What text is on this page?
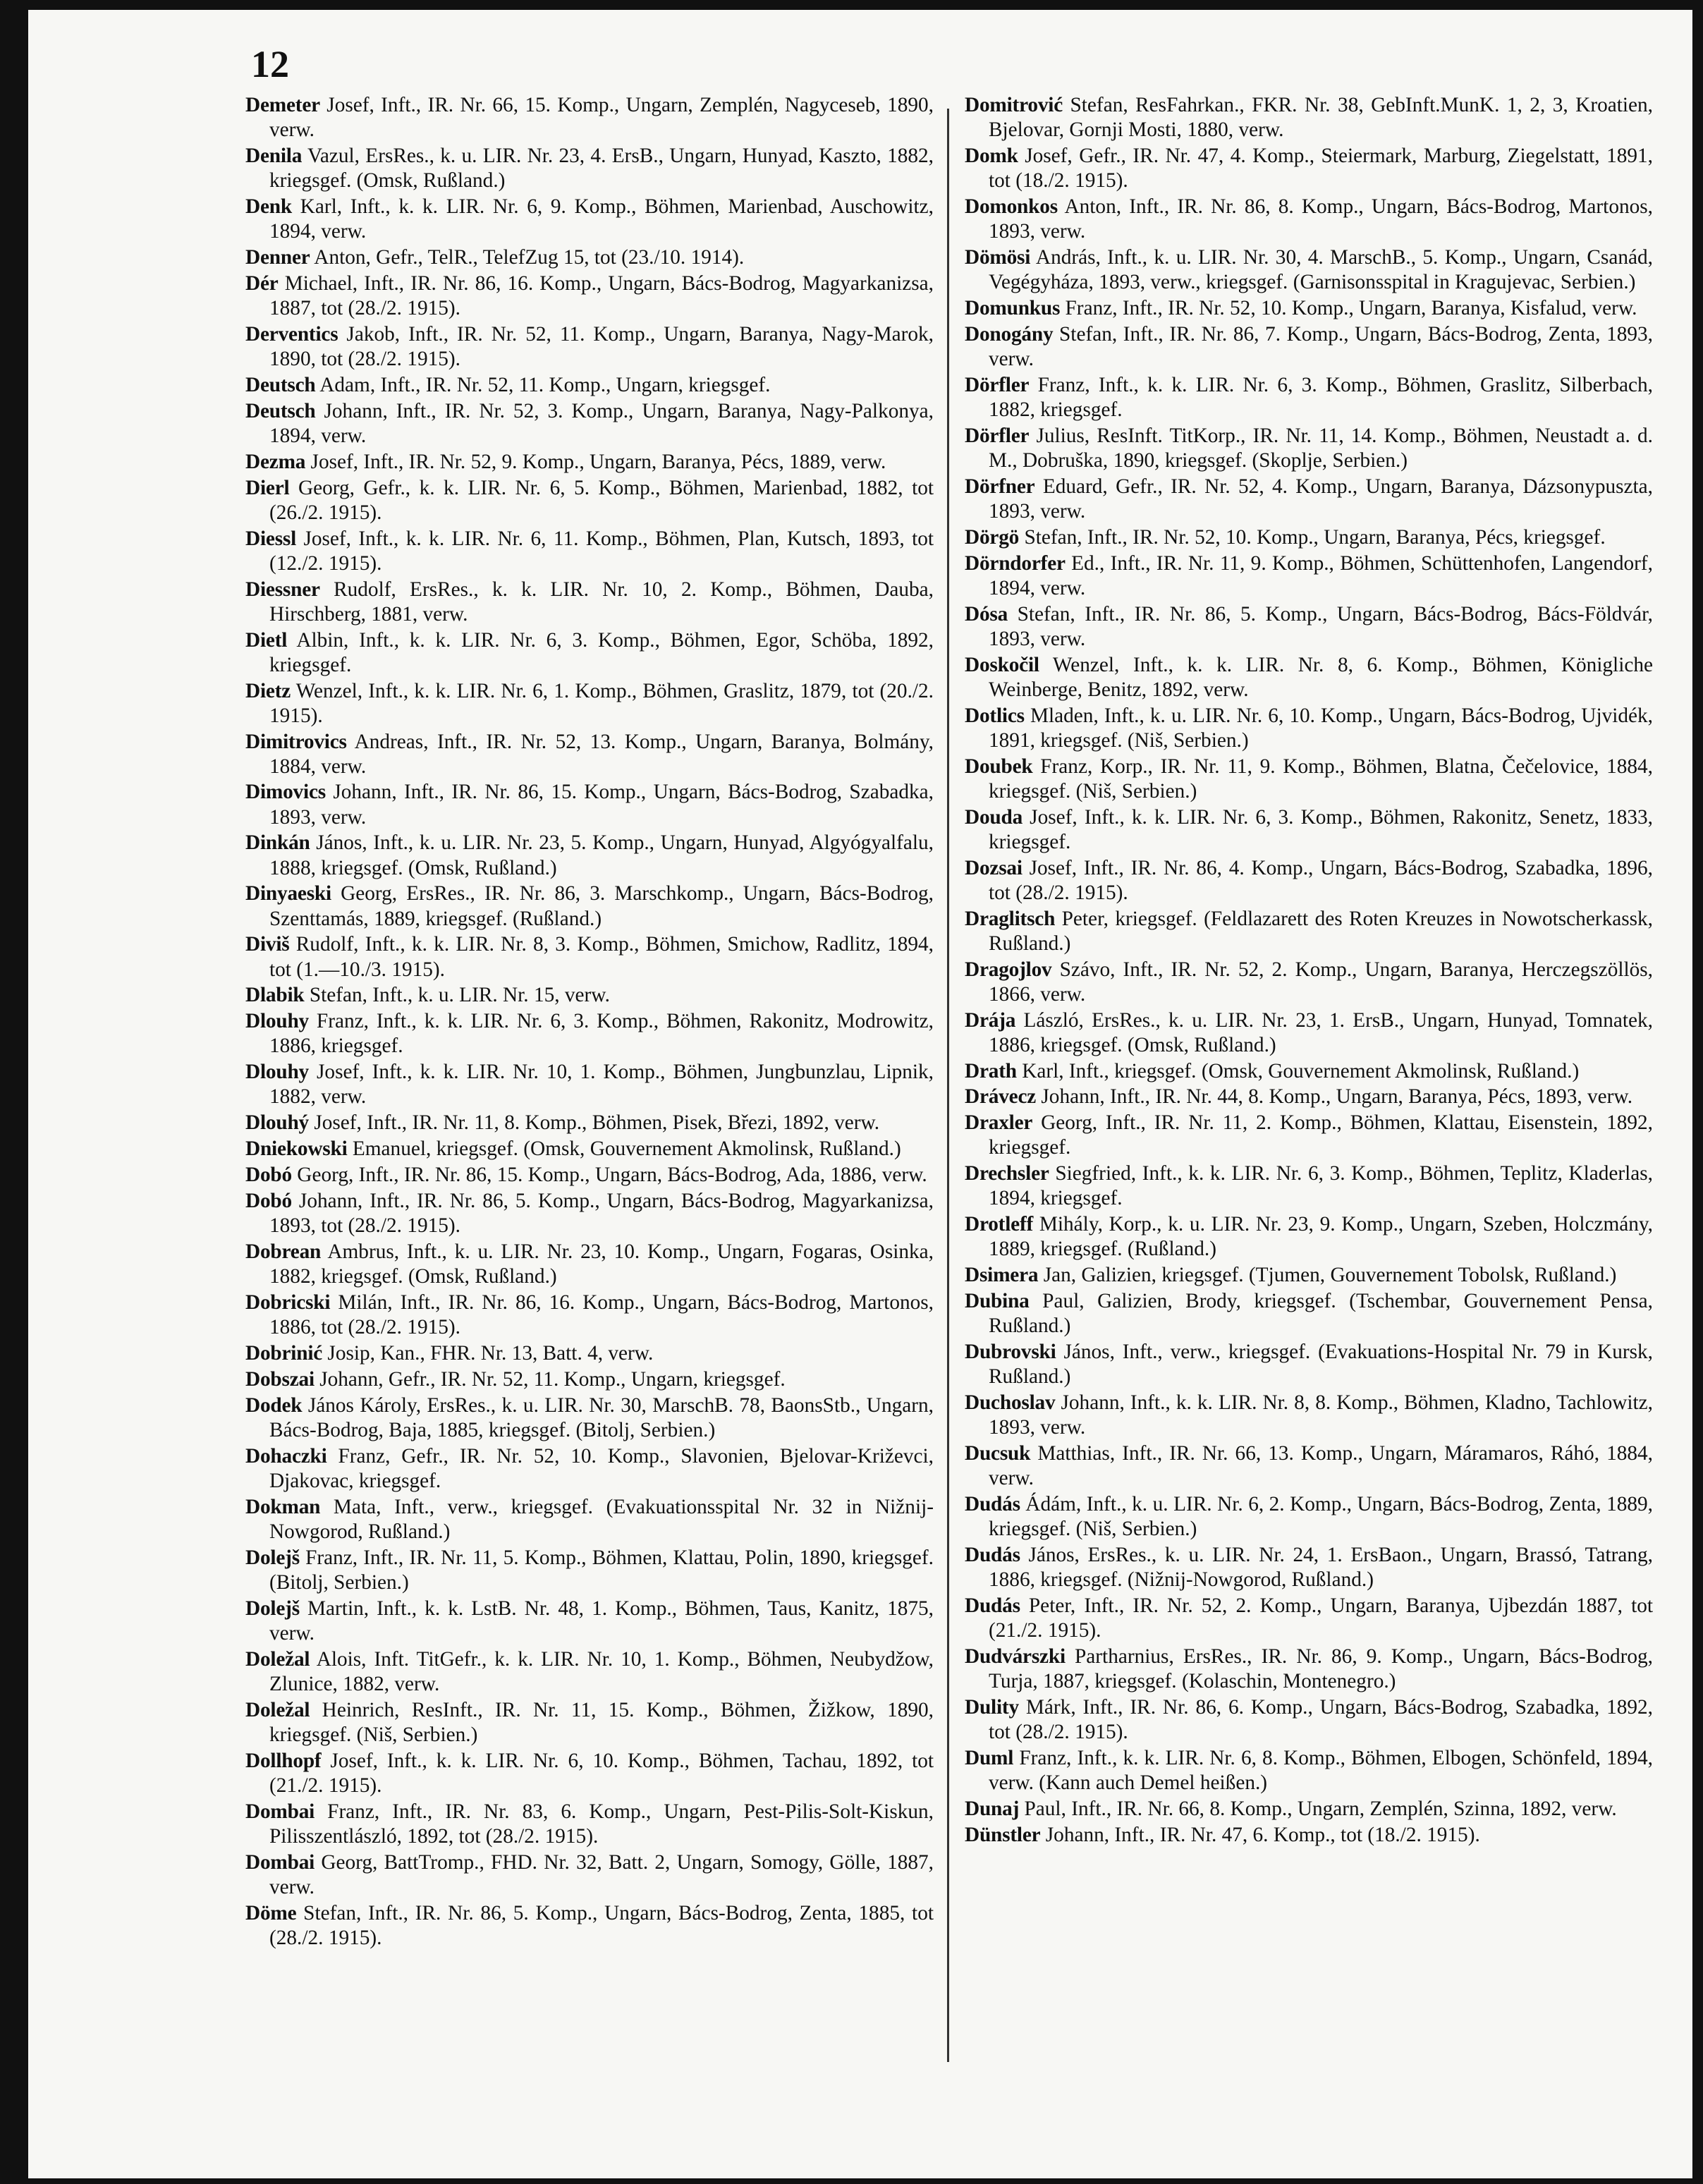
12

Demeter Josef, Inft., IR. Nr. 66, 15. Komp., Ungarn, Zemplén, Nagyceseb, 1890, verw.

Denila Vazul, ErsRes., k. u. LIR. Nr. 23, 4. ErsB., Ungarn, Hunyad, Kaszto, 1882, kriegsgef. (Omsk, Rußland.)

Denk Karl, Inft., k. k. LIR. Nr. 6, 9. Komp., Böhmen, Marienbad, Auschowitz, 1894, verw.

Denner Anton, Gefr., TelR., TelefZug 15, tot (23./10. 1914).

Dér Michael, Inft., IR. Nr. 86, 16. Komp., Ungarn, Bács-Bodrog, Magyarkanizsa, 1887, tot (28./2. 1915).

Derventics Jakob, Inft., IR. Nr. 52, 11. Komp., Ungarn, Baranya, Nagy-Marok, 1890, tot (28./2. 1915).

Deutsch Adam, Inft., IR. Nr. 52, 11. Komp., Ungarn, kriegsgef.

Deutsch Johann, Inft., IR. Nr. 52, 3. Komp., Ungarn, Baranya, Nagy-Palkonya, 1894, verw.

Dezma Josef, Inft., IR. Nr. 52, 9. Komp., Ungarn, Baranya, Pécs, 1889, verw.

Dierl Georg, Gefr., k. k. LIR. Nr. 6, 5. Komp., Böhmen, Marienbad, 1882, tot (26./2. 1915).

Diessl Josef, Inft., k. k. LIR. Nr. 6, 11. Komp., Böhmen, Plan, Kutsch, 1893, tot (12./2. 1915).

Diessner Rudolf, ErsRes., k. k. LIR. Nr. 10, 2. Komp., Böhmen, Dauba, Hirschberg, 1881, verw.

Dietl Albin, Inft., k. k. LIR. Nr. 6, 3. Komp., Böhmen, Egor, Schöba, 1892, kriegsgef.

Dietz Wenzel, Inft., k. k. LIR. Nr. 6, 1. Komp., Böhmen, Graslitz, 1879, tot (20./2. 1915).

Dimitrovics Andreas, Inft., IR. Nr. 52, 13. Komp., Ungarn, Baranya, Bolmány, 1884, verw.

Dimovics Johann, Inft., IR. Nr. 86, 15. Komp., Ungarn, Bács-Bodrog, Szabadka, 1893, verw.

Dinkán János, Inft., k. u. LIR. Nr. 23, 5. Komp., Ungarn, Hunyad, Algyógyalfalu, 1888, kriegsgef. (Omsk, Rußland.)

Dinyaeski Georg, ErsRes., IR. Nr. 86, 3. Marschkomp., Ungarn, Bács-Bodrog, Szenttamás, 1889, kriegsgef. (Rußland.)

Diviš Rudolf, Inft., k. k. LIR. Nr. 8, 3. Komp., Böhmen, Smichow, Radlitz, 1894, tot (1.—10./3. 1915).

Dlabik Stefan, Inft., k. u. LIR. Nr. 15, verw.

Dlouhy Franz, Inft., k. k. LIR. Nr. 6, 3. Komp., Böhmen, Rakonitz, Modrowitz, 1886, kriegsgef.

Dlouhy Josef, Inft., k. k. LIR. Nr. 10, 1. Komp., Böhmen, Jungbunzlau, Lipnik, 1882, verw.

Dlouhý Josef, Inft., IR. Nr. 11, 8. Komp., Böhmen, Pisek, Březi, 1892, verw.

Dniekowski Emanuel, kriegsgef. (Omsk, Gouvernement Akmolinsk, Rußland.)

Dobó Georg, Inft., IR. Nr. 86, 15. Komp., Ungarn, Bács-Bodrog, Ada, 1886, verw.

Dobó Johann, Inft., IR. Nr. 86, 5. Komp., Ungarn, Bács-Bodrog, Magyarkanizsa, 1893, tot (28./2. 1915).

Dobrean Ambrus, Inft., k. u. LIR. Nr. 23, 10. Komp., Ungarn, Fogaras, Osinka, 1882, kriegsgef. (Omsk, Rußland.)

Dobricski Milán, Inft., IR. Nr. 86, 16. Komp., Ungarn, Bács-Bodrog, Martonos, 1886, tot (28./2. 1915).

Dobrinić Josip, Kan., FHR. Nr. 13, Batt. 4, verw.

Dobszai Johann, Gefr., IR. Nr. 52, 11. Komp., Ungarn, kriegsgef.

Dodek János Károly, ErsRes., k. u. LIR. Nr. 30, MarschB. 78, BaonsStb., Ungarn, Bács-Bodrog, Baja, 1885, kriegsgef. (Bitolj, Serbien.)

Dohaczki Franz, Gefr., IR. Nr. 52, 10. Komp., Slavonien, Bjelovar-Križevci, Djakovac, kriegsgef.

Dokman Mata, Inft., verw., kriegsgef. (Evakuationsspital Nr. 32 in Nižnij-Nowgorod, Rußland.)

Dolejš Franz, Inft., IR. Nr. 11, 5. Komp., Böhmen, Klattau, Polin, 1890, kriegsgef. (Bitolj, Serbien.)

Dolejš Martin, Inft., k. k. LstB. Nr. 48, 1. Komp., Böhmen, Taus, Kanitz, 1875, verw.

Doležal Alois, Inft. TitGefr., k. k. LIR. Nr. 10, 1. Komp., Böhmen, Neubydžow, Zlunice, 1882, verw.

Doležal Heinrich, ResInft., IR. Nr. 11, 15. Komp., Böhmen, Žižkow, 1890, kriegsgef. (Niš, Serbien.)

Dollhopf Josef, Inft., k. k. LIR. Nr. 6, 10. Komp., Böhmen, Tachau, 1892, tot (21./2. 1915).

Dombai Franz, Inft., IR. Nr. 83, 6. Komp., Ungarn, Pest-Pilis-Solt-Kiskun, Pilisszentlászló, 1892, tot (28./2. 1915).

Dombai Georg, BattTromp., FHD. Nr. 32, Batt. 2, Ungarn, Somogy, Gölle, 1887, verw.

Döme Stefan, Inft., IR. Nr. 86, 5. Komp., Ungarn, Bács-Bodrog, Zenta, 1885, tot (28./2. 1915).

Domitrović Stefan, ResFahrkan., FKR. Nr. 38, GebInft.MunK. 1, 2, 3, Kroatien, Bjelovar, Gornji Mosti, 1880, verw.

Domk Josef, Gefr., IR. Nr. 47, 4. Komp., Steiermark, Marburg, Ziegelstatt, 1891, tot (18./2. 1915).

Domonkos Anton, Inft., IR. Nr. 86, 8. Komp., Ungarn, Bács-Bodrog, Martonos, 1893, verw.

Dömösi András, Inft., k. u. LIR. Nr. 30, 4. MarschB., 5. Komp., Ungarn, Csanád, Vegégyháza, 1893, verw., kriegsgef. (Garnisonsspital in Kragujevac, Serbien.)

Domunkus Franz, Inft., IR. Nr. 52, 10. Komp., Ungarn, Baranya, Kisfalud, verw.

Donogány Stefan, Inft., IR. Nr. 86, 7. Komp., Ungarn, Bács-Bodrog, Zenta, 1893, verw.

Dörfler Franz, Inft., k. k. LIR. Nr. 6, 3. Komp., Böhmen, Graslitz, Silberbach, 1882, kriegsgef.

Dörfler Julius, ResInft. TitKorp., IR. Nr. 11, 14. Komp., Böhmen, Neustadt a. d. M., Dobruška, 1890, kriegsgef. (Skoplje, Serbien.)

Dörfner Eduard, Gefr., IR. Nr. 52, 4. Komp., Ungarn, Baranya, Dázsonypuszta, 1893, verw.

Dörgö Stefan, Inft., IR. Nr. 52, 10. Komp., Ungarn, Baranya, Pécs, kriegsgef.

Dörndorfer Ed., Inft., IR. Nr. 11, 9. Komp., Böhmen, Schüttenhofen, Langendorf, 1894, verw.

Dósa Stefan, Inft., IR. Nr. 86, 5. Komp., Ungarn, Bács-Bodrog, Bács-Földvár, 1893, verw.

Doskočil Wenzel, Inft., k. k. LIR. Nr. 8, 6. Komp., Böhmen, Königliche Weinberge, Benitz, 1892, verw.

Dotlics Mladen, Inft., k. u. LIR. Nr. 6, 10. Komp., Ungarn, Bács-Bodrog, Ujvidék, 1891, kriegsgef. (Niš, Serbien.)

Doubek Franz, Korp., IR. Nr. 11, 9. Komp., Böhmen, Blatna, Čečelovice, 1884, kriegsgef. (Niš, Serbien.)

Douda Josef, Inft., k. k. LIR. Nr. 6, 3. Komp., Böhmen, Rakonitz, Senetz, 1833, kriegsgef.

Dozsai Josef, Inft., IR. Nr. 86, 4. Komp., Ungarn, Bács-Bodrog, Szabadka, 1896, tot (28./2. 1915).

Draglitsch Peter, kriegsgef. (Feldlazarett des Roten Kreuzes in Nowotscherkassk, Rußland.)

Dragojlov Szávo, Inft., IR. Nr. 52, 2. Komp., Ungarn, Baranya, Herczegszöllös, 1866, verw.

Drája László, ErsRes., k. u. LIR. Nr. 23, 1. ErsB., Ungarn, Hunyad, Tomnatek, 1886, kriegsgef. (Omsk, Rußland.)

Drath Karl, Inft., kriegsgef. (Omsk, Gouvernement Akmolinsk, Rußland.)

Drávecz Johann, Inft., IR. Nr. 44, 8. Komp., Ungarn, Baranya, Pécs, 1893, verw.

Draxler Georg, Inft., IR. Nr. 11, 2. Komp., Böhmen, Klattau, Eisenstein, 1892, kriegsgef.

Drechsler Siegfried, Inft., k. k. LIR. Nr. 6, 3. Komp., Böhmen, Teplitz, Kladerlas, 1894, kriegsgef.

Drotleff Mihály, Korp., k. u. LIR. Nr. 23, 9. Komp., Ungarn, Szeben, Holczmány, 1889, kriegsgef. (Rußland.)

Dsimera Jan, Galizien, kriegsgef. (Tjumen, Gouvernement Tobolsk, Rußland.)

Dubina Paul, Galizien, Brody, kriegsgef. (Tschembar, Gouvernement Pensa, Rußland.)

Dubrovski János, Inft., verw., kriegsgef. (Evakuations-Hospital Nr. 79 in Kursk, Rußland.)

Duchoslav Johann, Inft., k. k. LIR. Nr. 8, 8. Komp., Böhmen, Kladno, Tachlowitz, 1893, verw.

Ducsuk Matthias, Inft., IR. Nr. 66, 13. Komp., Ungarn, Máramaros, Ráhó, 1884, verw.

Dudás Ádám, Inft., k. u. LIR. Nr. 6, 2. Komp., Ungarn, Bács-Bodrog, Zenta, 1889, kriegsgef. (Niš, Serbien.)

Dudás János, ErsRes., k. u. LIR. Nr. 24, 1. ErsBaon., Ungarn, Brassó, Tatrang, 1886, kriegsgef. (Nižnij-Nowgorod, Rußland.)

Dudás Peter, Inft., IR. Nr. 52, 2. Komp., Ungarn, Baranya, Ujbezdán 1887, tot (21./2. 1915).

Dudvárszki Partharnius, ErsRes., IR. Nr. 86, 9. Komp., Ungarn, Bács-Bodrog, Turja, 1887, kriegsgef. (Kolaschin, Montenegro.)

Dulity Márk, Inft., IR. Nr. 86, 6. Komp., Ungarn, Bács-Bodrog, Szabadka, 1892, tot (28./2. 1915).

Duml Franz, Inft., k. k. LIR. Nr. 6, 8. Komp., Böhmen, Elbogen, Schönfeld, 1894, verw. (Kann auch Demel heißen.)

Dunaj Paul, Inft., IR. Nr. 66, 8. Komp., Ungarn, Zemplén, Szinna, 1892, verw.

Dünstler Johann, Inft., IR. Nr. 47, 6. Komp., tot (18./2. 1915).
